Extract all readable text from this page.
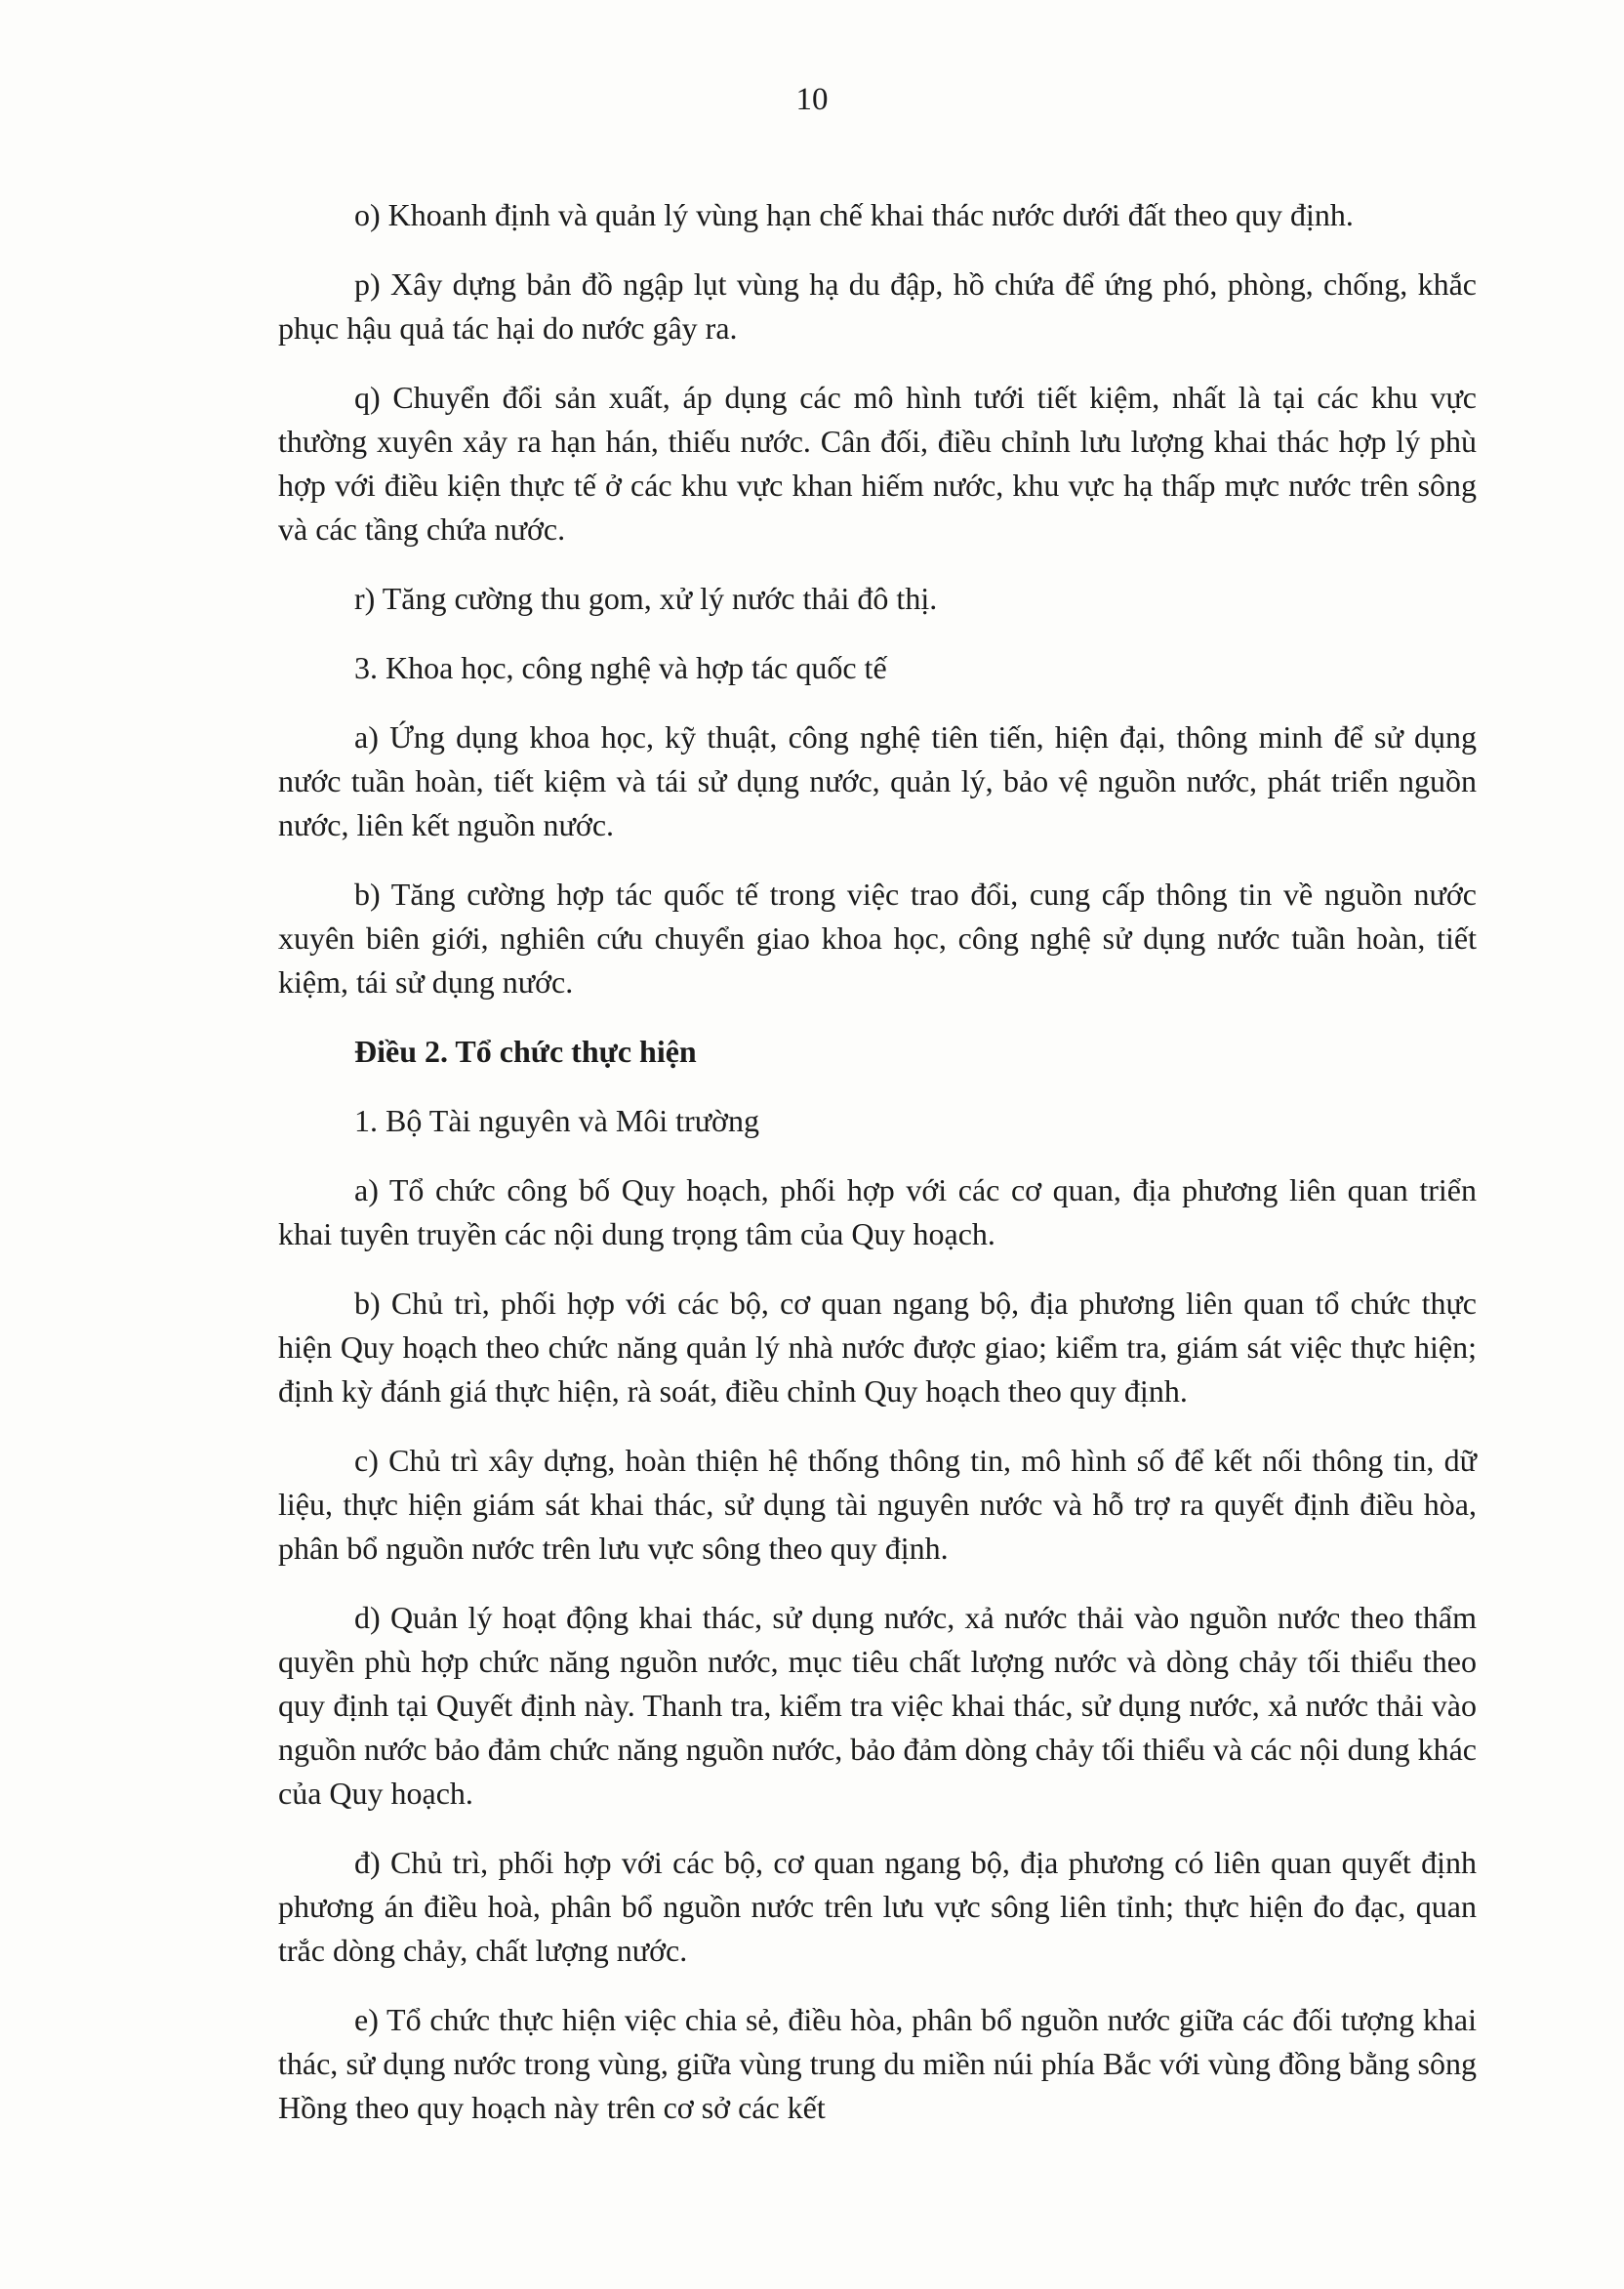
10

o) Khoanh định và quản lý vùng hạn chế khai thác nước dưới đất theo quy định.

p) Xây dựng bản đồ ngập lụt vùng hạ du đập, hồ chứa để ứng phó, phòng, chống, khắc phục hậu quả tác hại do nước gây ra.

q) Chuyển đổi sản xuất, áp dụng các mô hình tưới tiết kiệm, nhất là tại các khu vực thường xuyên xảy ra hạn hán, thiếu nước. Cân đối, điều chỉnh lưu lượng khai thác hợp lý phù hợp với điều kiện thực tế ở các khu vực khan hiếm nước, khu vực hạ thấp mực nước trên sông và các tầng chứa nước.

r) Tăng cường thu gom, xử lý nước thải đô thị.

3. Khoa học, công nghệ và hợp tác quốc tế

a) Ứng dụng khoa học, kỹ thuật, công nghệ tiên tiến, hiện đại, thông minh để sử dụng nước tuần hoàn, tiết kiệm và tái sử dụng nước, quản lý, bảo vệ nguồn nước, phát triển nguồn nước, liên kết nguồn nước.

b) Tăng cường hợp tác quốc tế trong việc trao đổi, cung cấp thông tin về nguồn nước xuyên biên giới, nghiên cứu chuyển giao khoa học, công nghệ sử dụng nước tuần hoàn, tiết kiệm, tái sử dụng nước.

Điều 2. Tổ chức thực hiện

1. Bộ Tài nguyên và Môi trường

a) Tổ chức công bố Quy hoạch, phối hợp với các cơ quan, địa phương liên quan triển khai tuyên truyền các nội dung trọng tâm của Quy hoạch.

b) Chủ trì, phối hợp với các bộ, cơ quan ngang bộ, địa phương liên quan tổ chức thực hiện Quy hoạch theo chức năng quản lý nhà nước được giao; kiểm tra, giám sát việc thực hiện; định kỳ đánh giá thực hiện, rà soát, điều chỉnh Quy hoạch theo quy định.

c) Chủ trì xây dựng, hoàn thiện hệ thống thông tin, mô hình số để kết nối thông tin, dữ liệu, thực hiện giám sát khai thác, sử dụng tài nguyên nước và hỗ trợ ra quyết định điều hòa, phân bổ nguồn nước trên lưu vực sông theo quy định.

d) Quản lý hoạt động khai thác, sử dụng nước, xả nước thải vào nguồn nước theo thẩm quyền phù hợp chức năng nguồn nước, mục tiêu chất lượng nước và dòng chảy tối thiểu theo quy định tại Quyết định này. Thanh tra, kiểm tra việc khai thác, sử dụng nước, xả nước thải vào nguồn nước bảo đảm chức năng nguồn nước, bảo đảm dòng chảy tối thiểu và các nội dung khác của Quy hoạch.

đ) Chủ trì, phối hợp với các bộ, cơ quan ngang bộ, địa phương có liên quan quyết định phương án điều hoà, phân bổ nguồn nước trên lưu vực sông liên tỉnh; thực hiện đo đạc, quan trắc dòng chảy, chất lượng nước.

e) Tổ chức thực hiện việc chia sẻ, điều hòa, phân bổ nguồn nước giữa các đối tượng khai thác, sử dụng nước trong vùng, giữa vùng trung du miền núi phía Bắc với vùng đồng bằng sông Hồng theo quy hoạch này trên cơ sở các kết
